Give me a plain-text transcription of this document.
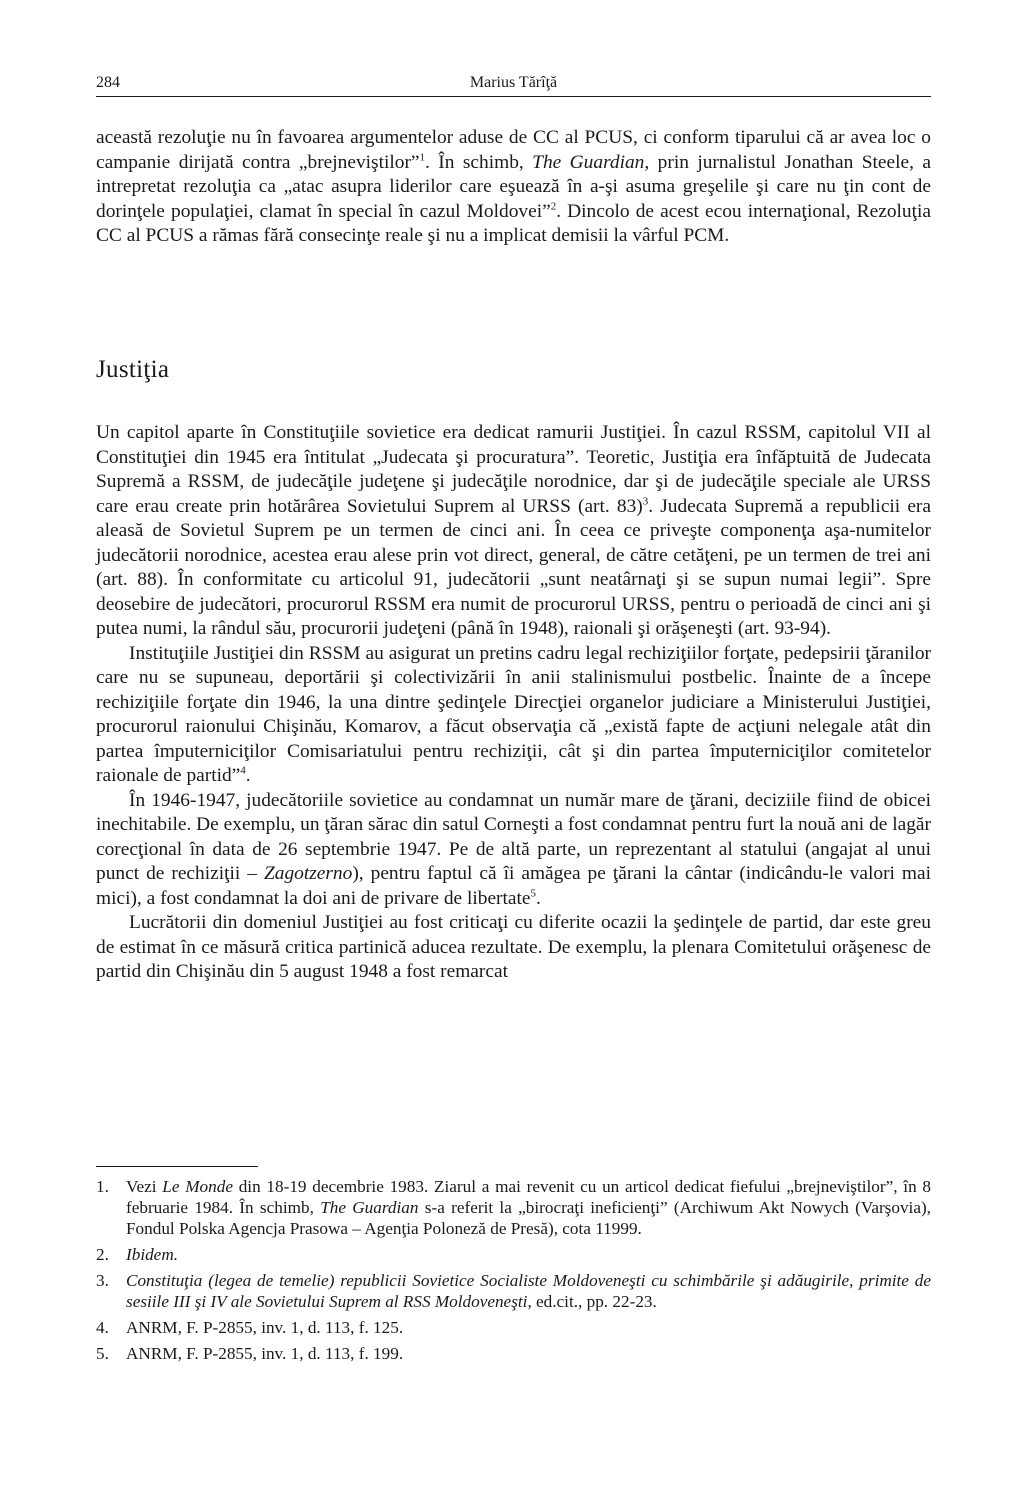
284	Marius Tărîţă

această rezoluţie nu în favoarea argumentelor aduse de CC al PCUS, ci conform tiparului că ar avea loc o campanie dirijată contra „brejneviştilor”$^1$. În schimb, The Guardian, prin jurnalistul Jonathan Steele, a intrepretat rezoluţia ca „atac asupra liderilor care eşuează în a-şi asuma greşelile şi care nu ţin cont de dorinţele populaţiei, clamat în special în cazul Moldovei”$^2$. Dincolo de acest ecou internaţional, Rezoluţia CC al PCUS a rămas fără consecinţe reale şi nu a implicat demisii la vârful PCM.

Justiţia

Un capitol aparte în Constituţiile sovietice era dedicat ramurii Justiţiei. În cazul RSSM, capitolul VII al Constituţiei din 1945 era întitulat „Judecata şi procuratura”. Teoretic, Justiţia era înfăptuită de Judecata Supremă a RSSM, de judecăţile judeţene şi judecăţile norodnice, dar şi de judecăţile speciale ale URSS care erau create prin hotărârea Sovietului Suprem al URSS (art. 83)$^3$. Judecata Supremă a republicii era aleasă de Sovietul Suprem pe un termen de cinci ani. În ceea ce priveşte componenţa aşa-numitelor judecătorii norodnice, acestea erau alese prin vot direct, general, de către cetăţeni, pe un termen de trei ani (art. 88). În conformitate cu articolul 91, judecătorii „sunt neatârnaţi şi se supun numai legii”. Spre deosebire de judecători, procurorul RSSM era numit de procurorul URSS, pentru o perioadă de cinci ani şi putea numi, la rândul său, procurorii judeţeni (până în 1948), raionali şi orăşeneşti (art. 93-94).

Instituţiile Justiţiei din RSSM au asigurat un pretins cadru legal rechiziţiilor forţate, pedepsirii ţăranilor care nu se supuneau, deportării şi colectivizării în anii stalinismului postbelic. Înainte de a începe rechiziţiile forţate din 1946, la una dintre şedinţele Direcţiei organelor judiciare a Ministerului Justiţiei, procurorul raionului Chişinău, Komarov, a făcut observaţia că „există fapte de acţiuni nelegale atât din partea împuterniciţilor Comisariatului pentru rechiziţii, cât şi din partea împuterniciţilor comitetelor raionale de partid”$^4$.

În 1946-1947, judecătoriile sovietice au condamnat un număr mare de ţărani, deciziile fiind de obicei inechitabile. De exemplu, un ţăran sărac din satul Corneşti a fost condamnat pentru furt la nouă ani de lagăr corecţional în data de 26 septembrie 1947. Pe de altă parte, un reprezentant al statului (angajat al unui punct de rechiziţii – Zagotzerno), pentru faptul că îi amăgea pe ţărani la cântar (indicându-le valori mai mici), a fost condamnat la doi ani de privare de libertate$^5$.

Lucrătorii din domeniul Justiţiei au fost criticaţi cu diferite ocazii la şedinţele de partid, dar este greu de estimat în ce măsură critica partinică aducea rezultate. De exemplu, la plenara Comitetului orăşenesc de partid din Chişinău din 5 august 1948 a fost remarcat

1. Vezi Le Monde din 18-19 decembrie 1983. Ziarul a mai revenit cu un articol dedicat fiefului „brejneviştilor”, în 8 februarie 1984. În schimb, The Guardian s-a referit la „birocraţi ineficienţi” (Archiwum Akt Nowych (Varşovia), Fondul Polska Agencja Prasowa – Agenţia Poloneză de Presă), cota 11999.
2. Ibidem.
3. Constituţia (legea de temelie) republicii Sovietice Socialiste Moldoveneşti cu schimbările şi adăugirile, primite de sesiile III şi IV ale Sovietului Suprem al RSS Moldoveneşti, ed.cit., pp. 22-23.
4. ANRM, F. P-2855, inv. 1, d. 113, f. 125.
5. ANRM, F. P-2855, inv. 1, d. 113, f. 199.
